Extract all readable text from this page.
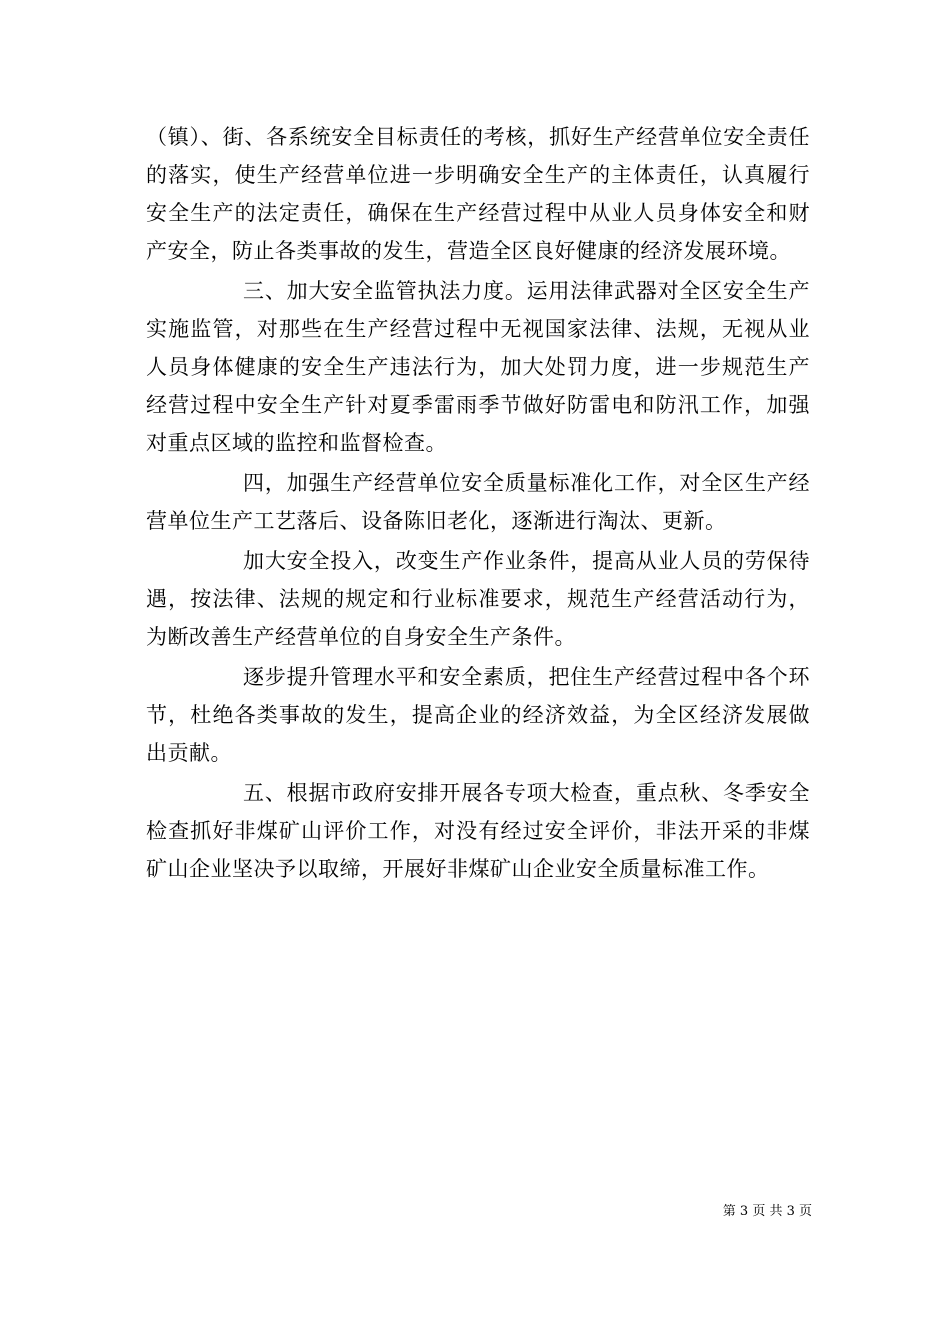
（镇）、街、各系统安全目标责任的考核，抓好生产经营单位安全责任的落实，使生产经营单位进一步明确安全生产的主体责任，认真履行安全生产的法定责任，确保在生产经营过程中从业人员身体安全和财产安全，防止各类事故的发生，营造全区良好健康的经济发展环境。

三、加大安全监管执法力度。运用法律武器对全区安全生产实施监管，对那些在生产经营过程中无视国家法律、法规，无视从业人员身体健康的安全生产违法行为，加大处罚力度，进一步规范生产经营过程中安全生产针对夏季雷雨季节做好防雷电和防汛工作，加强对重点区域的监控和监督检查。

四，加强生产经营单位安全质量标准化工作，对全区生产经营单位生产工艺落后、设备陈旧老化，逐渐进行淘汰、更新。

加大安全投入，改变生产作业条件，提高从业人员的劳保待遇，按法律、法规的规定和行业标准要求，规范生产经营活动行为，为断改善生产经营单位的自身安全生产条件。

逐步提升管理水平和安全素质，把住生产经营过程中各个环节，杜绝各类事故的发生，提高企业的经济效益，为全区经济发展做出贡献。

五、根据市政府安排开展各专项大检查，重点秋、冬季安全检查抓好非煤矿山评价工作，对没有经过安全评价，非法开采的非煤矿山企业坚决予以取缔，开展好非煤矿山企业安全质量标准工作。

第 3 页 共 3 页
